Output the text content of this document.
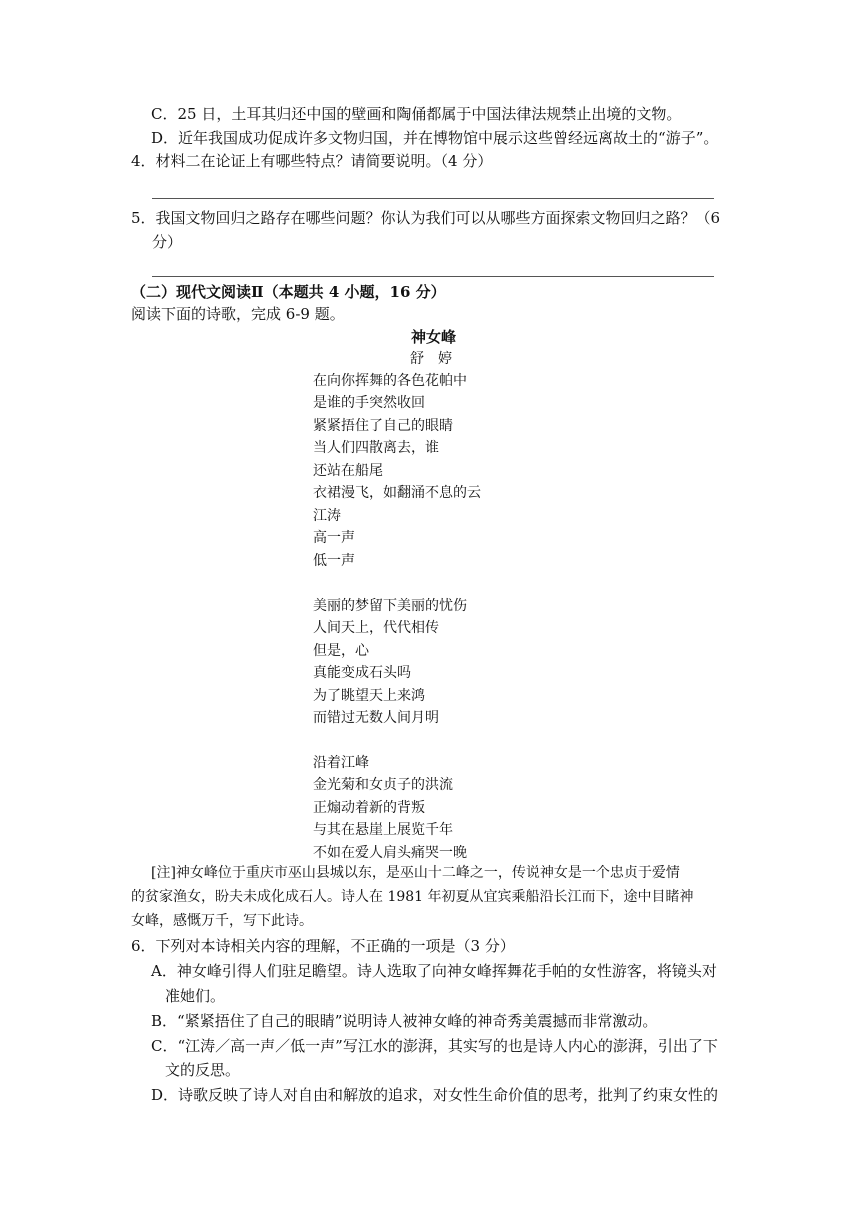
C．25 日，土耳其归还中国的壁画和陶俑都属于中国法律法规禁止出境的文物。
D．近年我国成功促成许多文物归国，并在博物馆中展示这些曾经远离故土的“游子”。
4．材料二在论证上有哪些特点？请简要说明。（4 分）
5．我国文物回归之路存在哪些问题？你认为我们可以从哪些方面探索文物回归之路？（6
分）
（二）现代文阅读Ⅱ（本题共 4 小题，16 分）
阅读下面的诗歌，完成 6-9 题。
神女峰
舒　婷
在向你挥舞的各色花帕中
是谁的手突然收回
紧紧捂住了自己的眼睛
当人们四散离去，谁
还站在船尾
衣裙漫飞，如翻涌不息的云
江涛
高一声
低一声
美丽的梦留下美丽的忧伤
人间天上，代代相传
但是，心
真能变成石头吗
为了眺望天上来鸿
而错过无数人间月明
沿着江峰
金光菊和女贞子的洪流
正煽动着新的背叛
与其在悬崖上展览千年
不如在爱人肩头痛哭一晚
[注]神女峰位于重庆市巫山县城以东，是巫山十二峰之一，传说神女是一个忠贞于爱情
的贫家渔女，盼夫未成化成石人。诗人在 1981 年初夏从宜宾乘船沿长江而下，途中目睹神
女峰，感慨万千，写下此诗。
6．下列对本诗相关内容的理解，不正确的一项是（3 分）
A．神女峰引得人们驻足瞻望。诗人选取了向神女峰挥舞花手帕的女性游客，将镜头对
准她们。
B．“紧紧捂住了自己的眼睛”说明诗人被神女峰的神奇秀美震撼而非常激动。
C．“江涛／高一声／低一声”写江水的澎湃，其实写的也是诗人内心的澎湃，引出了下
文的反思。
D．诗歌反映了诗人对自由和解放的追求，对女性生命价值的思考，批判了约束女性的
